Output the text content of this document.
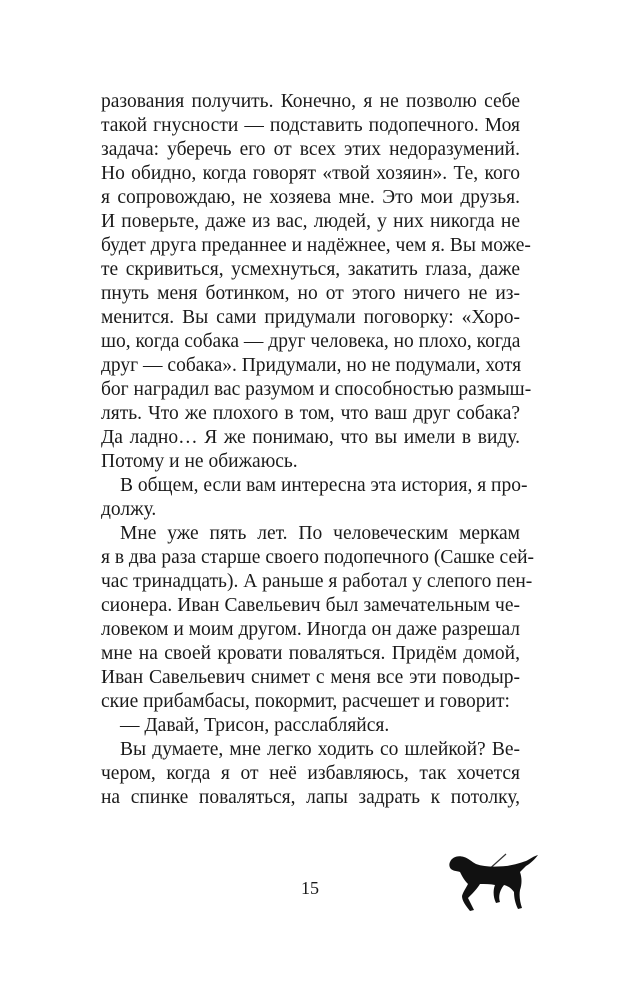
разования получить. Конечно, я не позволю себе
такой гнусности — подставить подопечного. Моя
задача: уберечь его от всех этих недоразумений.
Но обидно, когда говорят «твой хозяин». Те, кого
я сопровождаю, не хозяева мне. Это мои друзья.
И поверьте, даже из вас, людей, у них никогда не
будет друга преданнее и надёжнее, чем я. Вы може-
те скривиться, усмехнуться, закатить глаза, даже
пнуть меня ботинком, но от этого ничего не из-
менится. Вы сами придумали поговорку: «Хоро-
шо, когда собака — друг человека, но плохо, когда
друг — собака». Придумали, но не подумали, хотя
бог наградил вас разумом и способностью размыш-
лять. Что же плохого в том, что ваш друг собака?
Да ладно… Я же понимаю, что вы имели в виду.
Потому и не обижаюсь.
В общем, если вам интересна эта история, я про-
должу.
Мне уже пять лет. По человеческим меркам
я в два раза старше своего подопечного (Сашке сей-
час тринадцать). А раньше я работал у слепого пен-
сионера. Иван Савельевич был замечательным че-
ловеком и моим другом. Иногда он даже разрешал
мне на своей кровати поваляться. Придём домой,
Иван Савельевич снимет с меня все эти поводыр-
ские прибамбасы, покормит, расчешет и говорит:
— Давай, Трисон, расслабляйся.
Вы думаете, мне легко ходить со шлейкой? Ве-
чером, когда я от неё избавляюсь, так хочется
на спинке поваляться, лапы задрать к потолку,
15
